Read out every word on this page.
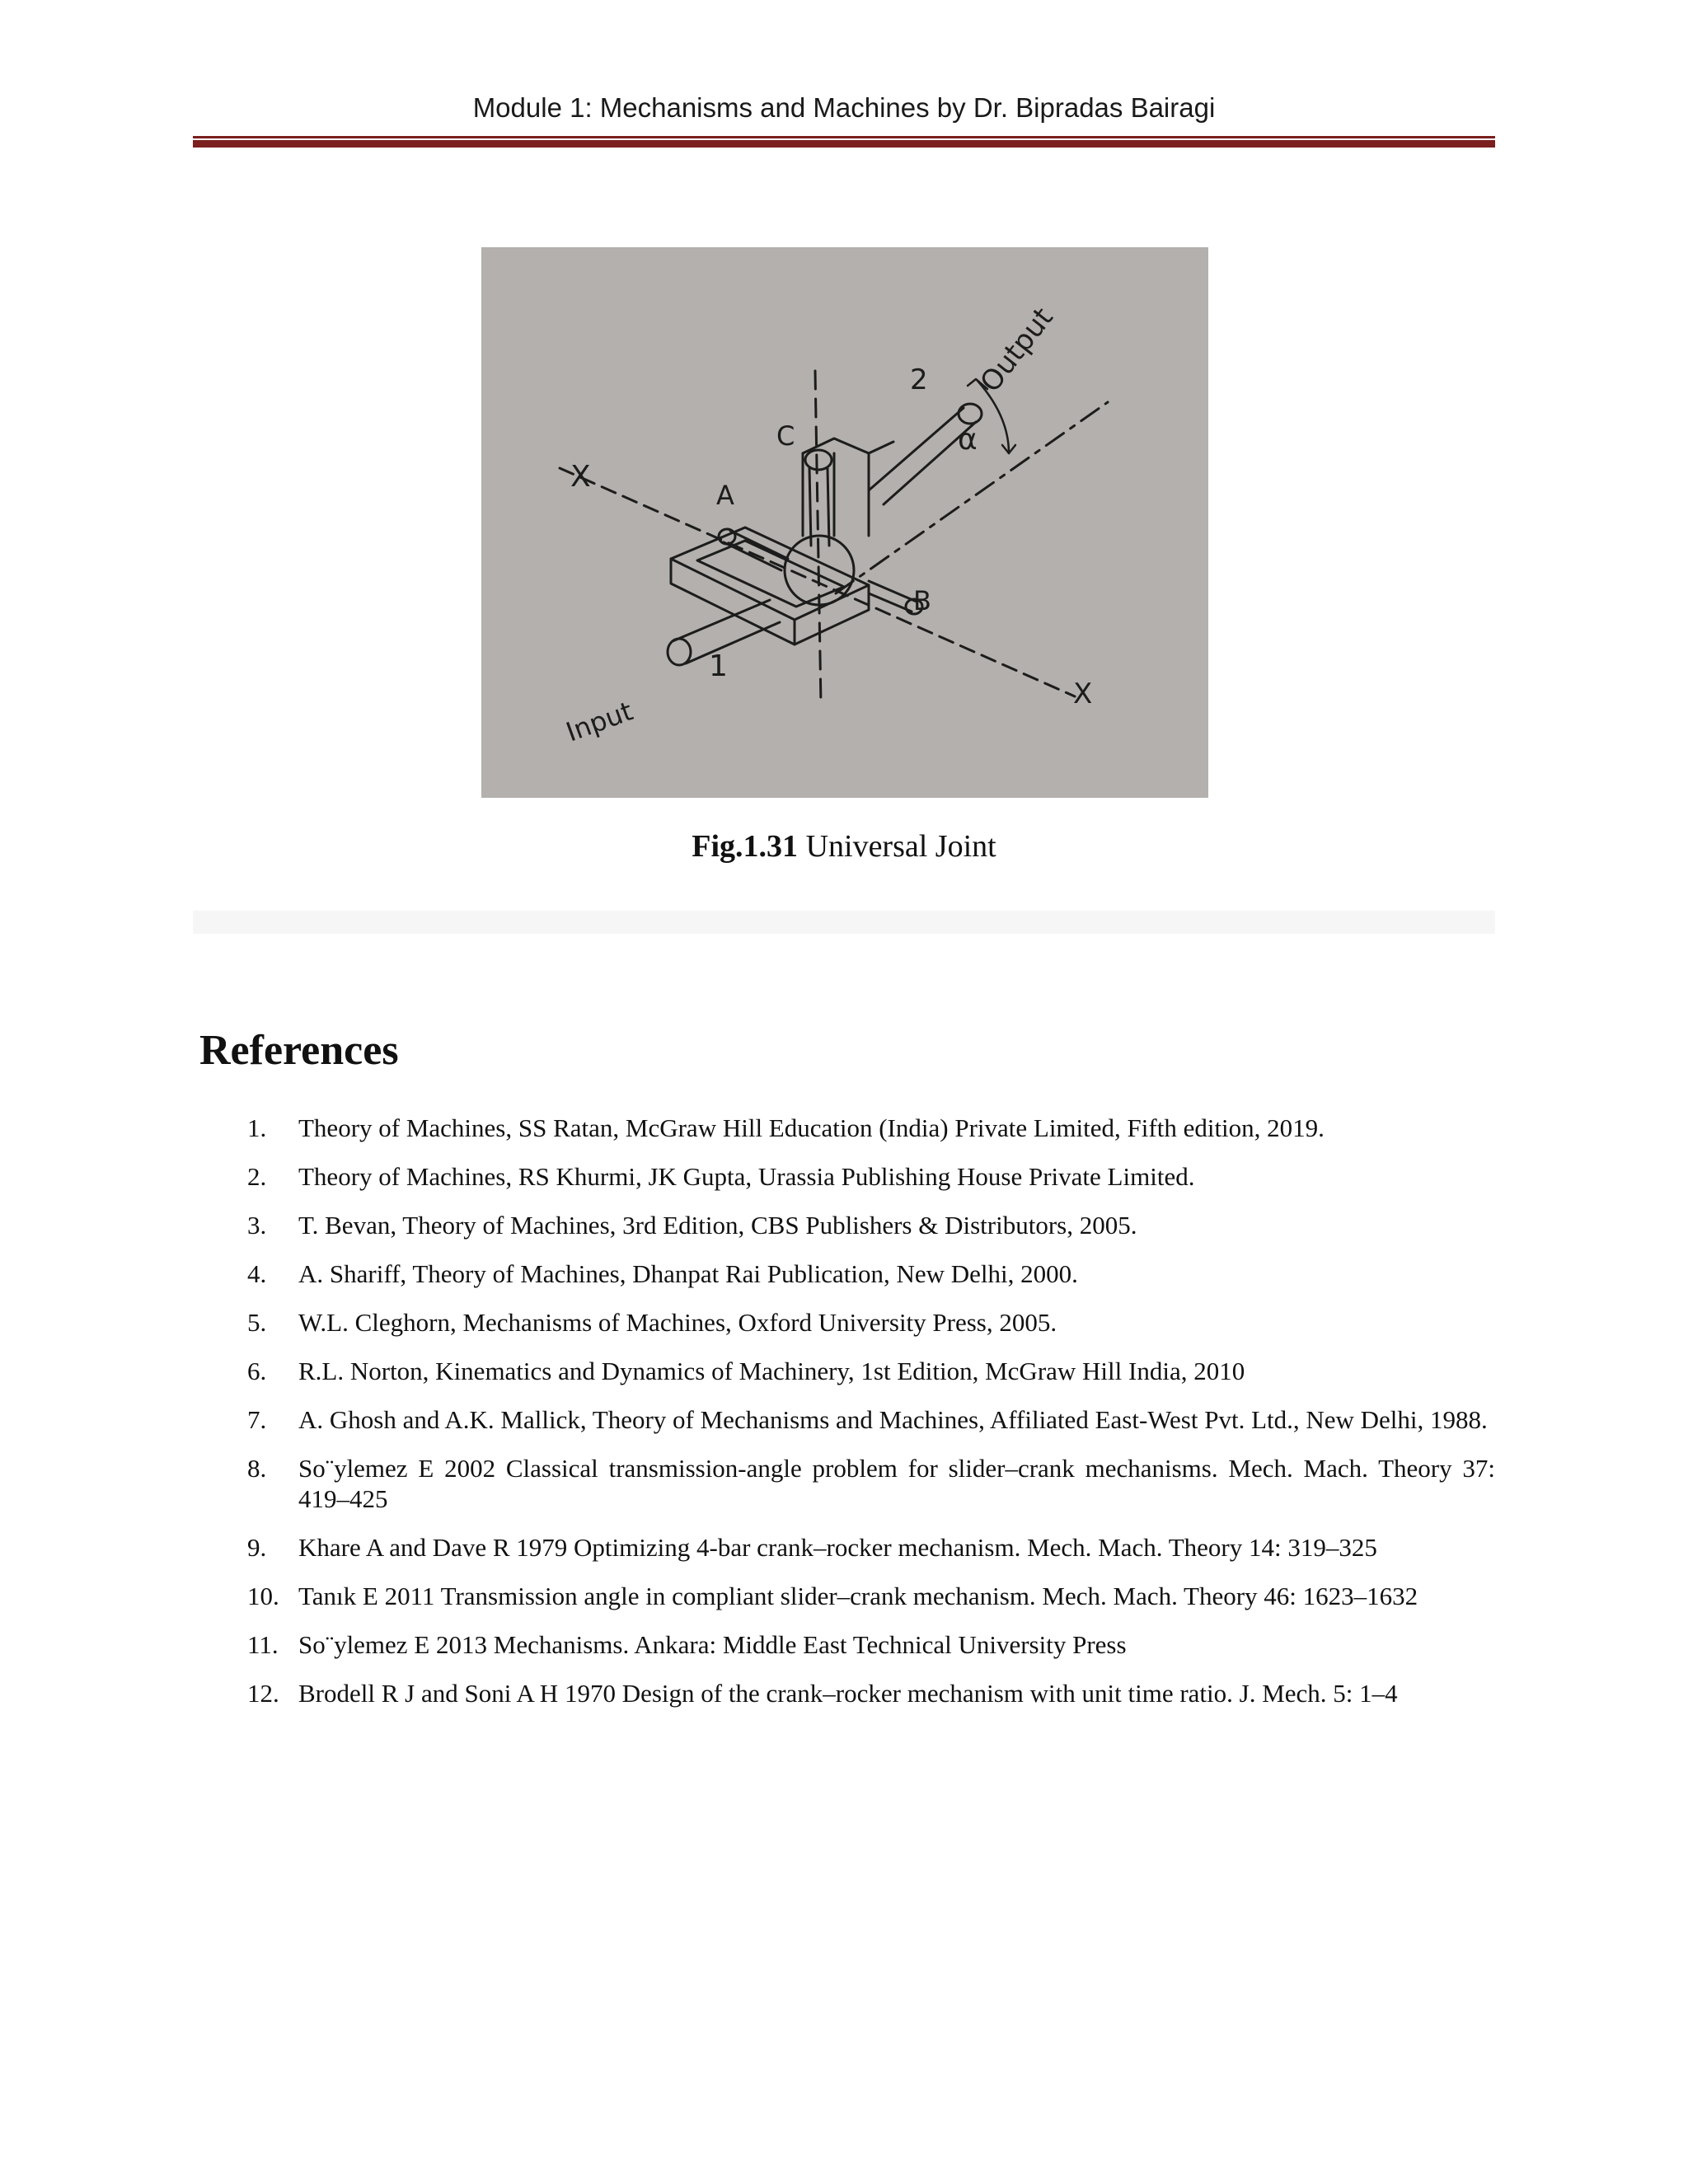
Module 1: Mechanisms and Machines by Dr. Bipradas Bairagi
X
X
A
B
C
1
2
α
Input
Output
Fig.1.31 Universal Joint
References
1. Theory of Machines, SS Ratan, McGraw Hill Education (India) Private Limited, Fifth edition, 2019.
2. Theory of Machines, RS Khurmi, JK Gupta, Urassia Publishing House Private Limited.
3. T. Bevan, Theory of Machines, 3rd Edition, CBS Publishers & Distributors, 2005.
4. A. Shariff, Theory of Machines, Dhanpat Rai Publication, New Delhi, 2000.
5. W.L. Cleghorn, Mechanisms of Machines, Oxford University Press, 2005.
6. R.L. Norton, Kinematics and Dynamics of Machinery, 1st Edition, McGraw Hill India, 2010
7. A. Ghosh and A.K. Mallick, Theory of Mechanisms and Machines, Affiliated East-West Pvt. Ltd., New Delhi, 1988.
8. So¨ylemez E 2002 Classical transmission-angle problem for slider–crank mechanisms. Mech. Mach. Theory 37: 419–425
9. Khare A and Dave R 1979 Optimizing 4-bar crank–rocker mechanism. Mech. Mach. Theory 14: 319–325
10. Tanık E 2011 Transmission angle in compliant slider–crank mechanism. Mech. Mach. Theory 46: 1623–1632
11. So¨ylemez E 2013 Mechanisms. Ankara: Middle East Technical University Press
12. Brodell R J and Soni A H 1970 Design of the crank–rocker mechanism with unit time ratio. J. Mech. 5: 1–4
